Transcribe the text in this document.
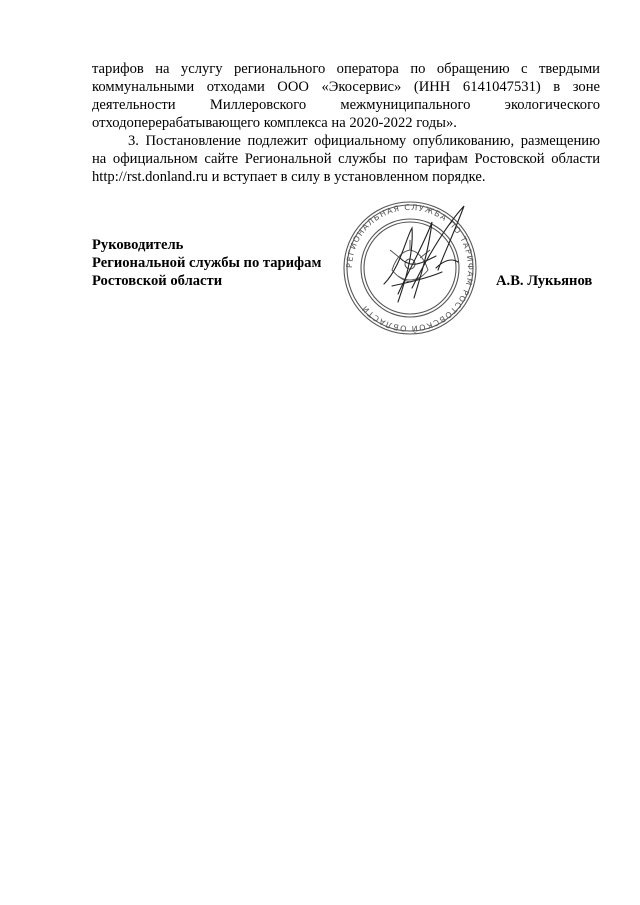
тарифов на услугу регионального оператора по обращению с твердыми
коммунальными отходами ООО «Экосервис» (ИНН 6141047531) в зоне
деятельности Миллеровского межмуниципального экологического
отходоперерабатывающего комплекса на 2020-2022 годы».

3. Постановление подлежит официальному опубликованию, размещению на официальном сайте Региональной службы по тарифам Ростовской области http://rst.donland.ru и вступает в силу в установленном порядке.

Руководитель
Региональной службы по тарифам
Ростовской области	А.В. Лукьянов
РЕГИОНАЛЬНАЯ СЛУЖБА ПО ТАРИФАМ РОСТОВСКОЙ ОБЛАСТИ
